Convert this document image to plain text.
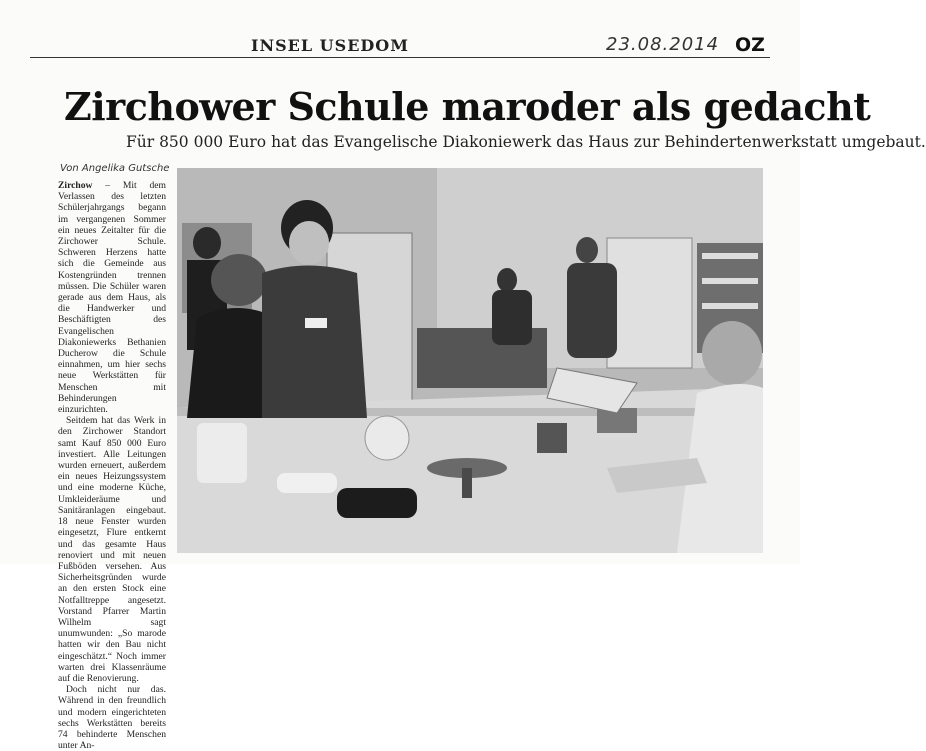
INSEL USEDOM	23.08.2014 OZ
Zirchower Schule maroder als gedacht
Für 850 000 Euro hat das Evangelische Diakoniewerk das Haus zur Behindertenwerkstatt umgebaut.
Von Angelika Gutsche

Zirchow – Mit dem Verlassen des letzten Schülerjahrgangs begann im vergangenen Sommer ein neues Zeitalter für die Zirchower Schule. Schweren Herzens hatte sich die Gemeinde aus Kostengründen trennen müssen. Die Schüler waren gerade aus dem Haus, als die Handwerker und Beschäftigten des Evangelischen Diakoniewerks Bethanien Ducherow die Schule einnahmen, um hier sechs neue Werkstätten für Menschen mit Behinderungen einzurichten.

Seitdem hat das Werk in den Zirchower Standort samt Kauf 850 000 Euro investiert. Alle Leitungen wurden erneuert, außerdem ein neues Heizungssystem und eine moderne Küche, Umkleideräume und Sanitäranlagen eingebaut. 18 neue Fenster wurden eingesetzt, Flure entkernt und das gesamte Haus renoviert und mit neuen Fußböden versehen. Aus Sicherheitsgründen wurde an den ersten Stock eine Notfalltreppe angesetzt. Vorstand Pfarrer Martin Wilhelm sagt unumwunden: „So marode hatten wir den Bau nicht eingeschätzt.“ Noch immer warten drei Klassenräume auf die Renovierung.

Doch nicht nur das. Während in den freundlich und modern eingerichteten sechs Werkstätten bereits 74 behinderte Menschen unter An-
